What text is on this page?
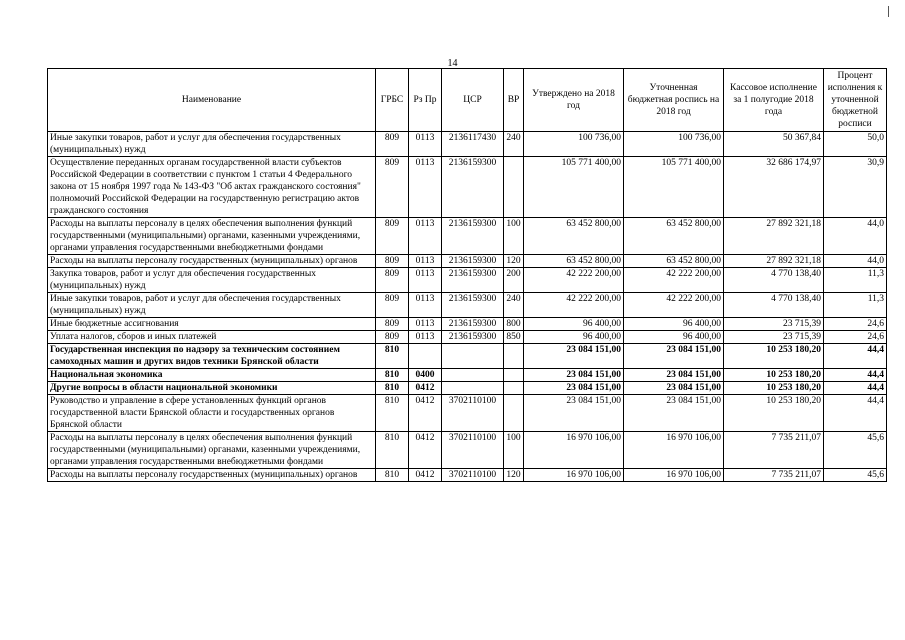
14
Наименование	ГРБС	Рз Пр	ЦСР	ВР	Утверждено на 2018 год	Уточненная бюджетная роспись на 2018 год	Кассовое исполнение за 1 полугодие 2018 года	Процент исполнения к уточненной бюджетной росписи
Иные закупки товаров, работ и услуг для обеспечения государственных (муниципальных) нужд	809	0113	2136117430	240	100 736,00	100 736,00	50 367,84	50,0
Осуществление переданных органам государственной власти субъектов Российской Федерации в соответствии с пунктом 1 статьи 4 Федерального закона от 15 ноября 1997 года № 143-ФЗ "Об актах гражданского состояния" полномочий Российской Федерации на государственную регистрацию актов гражданского состояния	809	0113	2136159300		105 771 400,00	105 771 400,00	32 686 174,97	30,9
Расходы на выплаты персоналу в целях обеспечения выполнения функций государственными (муниципальными) органами, казенными учреждениями, органами управления государственными внебюджетными фондами	809	0113	2136159300	100	63 452 800,00	63 452 800,00	27 892 321,18	44,0
Расходы на выплаты персоналу государственных (муниципальных) органов	809	0113	2136159300	120	63 452 800,00	63 452 800,00	27 892 321,18	44,0
Закупка товаров, работ и услуг для обеспечения государственных (муниципальных) нужд	809	0113	2136159300	200	42 222 200,00	42 222 200,00	4 770 138,40	11,3
Иные закупки товаров, работ и услуг для обеспечения государственных (муниципальных) нужд	809	0113	2136159300	240	42 222 200,00	42 222 200,00	4 770 138,40	11,3
Иные бюджетные ассигнования	809	0113	2136159300	800	96 400,00	96 400,00	23 715,39	24,6
Уплата налогов, сборов и иных платежей	809	0113	2136159300	850	96 400,00	96 400,00	23 715,39	24,6
Государственная инспекция по надзору за техническим состоянием самоходных машин и других видов техники Брянской области	810				23 084 151,00	23 084 151,00	10 253 180,20	44,4
Национальная экономика	810	0400			23 084 151,00	23 084 151,00	10 253 180,20	44,4
Другие вопросы в области национальной экономики	810	0412			23 084 151,00	23 084 151,00	10 253 180,20	44,4
Руководство и управление в сфере установленных функций органов государственной власти Брянской области и государственных органов Брянской области	810	0412	3702110100		23 084 151,00	23 084 151,00	10 253 180,20	44,4
Расходы на выплаты персоналу в целях обеспечения выполнения функций государственными (муниципальными) органами, казенными учреждениями, органами управления государственными внебюджетными фондами	810	0412	3702110100	100	16 970 106,00	16 970 106,00	7 735 211,07	45,6
Расходы на выплаты персоналу государственных (муниципальных) органов	810	0412	3702110100	120	16 970 106,00	16 970 106,00	7 735 211,07	45,6
